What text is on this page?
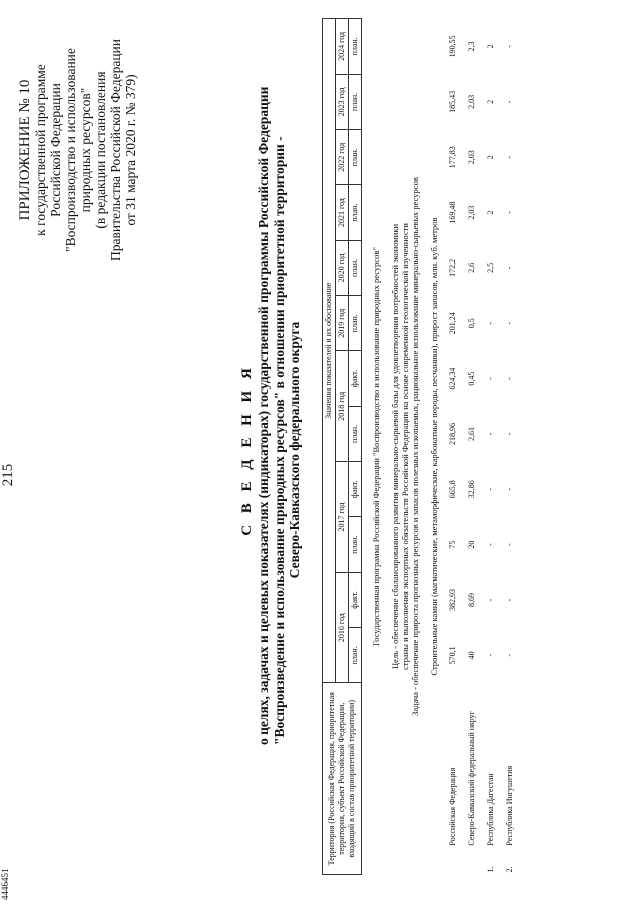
4446451
215
ПРИЛОЖЕНИЕ № 10 к государственной программе Российской Федерации "Воспроизводство и использование природных ресурсов" (в редакции постановления Правительства Российской Федерации от 31 марта 2020 г. № 379)
С В Е Д Е Н И Я о целях, задачах и целевых показателях (индикаторах) государственной программы Российской Федерации "Воспроизведение и использование природных ресурсов" в отношении приоритетной территории - Северо-Кавказского федерального округа
Территория (Российская Федерация, приоритетная территория, субъект Российской Федерации, входящий в состав приоритетной территории)		Значения показателей и их обоснование											
		2016 год		2017 год		2018 год		2019 год	2020 год	2021 год	2022 год	2023 год	2024 год
		план.	факт.	план.	факт.	план.	факт.	план.	план.	план.	план.	план.	план.

Государственная программа Российской Федерации "Воспроизводство и использование природных ресурсов"													

Цель - обеспечение сбалансированного развития минерально-сырьевой базы для удовлетворения потребностей экономики													
страны и выполнения экспортных обязательств Российской Федерации на основе современной геологической изученности													
Задача - обеспечение прироста прогнозных ресурсов и запасов полезных ископаемых, рациональное использование минерально-сырьевых ресурсов													

Строительные камни (магматические, метаморфические, карбонатные породы, песчаники), прирост запасов, млн. куб. метров													

	Российская Федерация	570,1	382,93	75	665,8	218,96	624,34	201,24	172,2	169,48	177,83	185,43	190,55

	Северо-Кавказский федеральный округ	40	8,69	20	32,86	2,61	0,45	0,5	2,6	2,03	2,03	2,03	2,3

1.	Республика Дагестан	-	-	-	-	-	-	-	2,5	2	2	2	2

2.	Республика Ингушетия	-	-	-	-	-	-	-	-	-	-	-	-
